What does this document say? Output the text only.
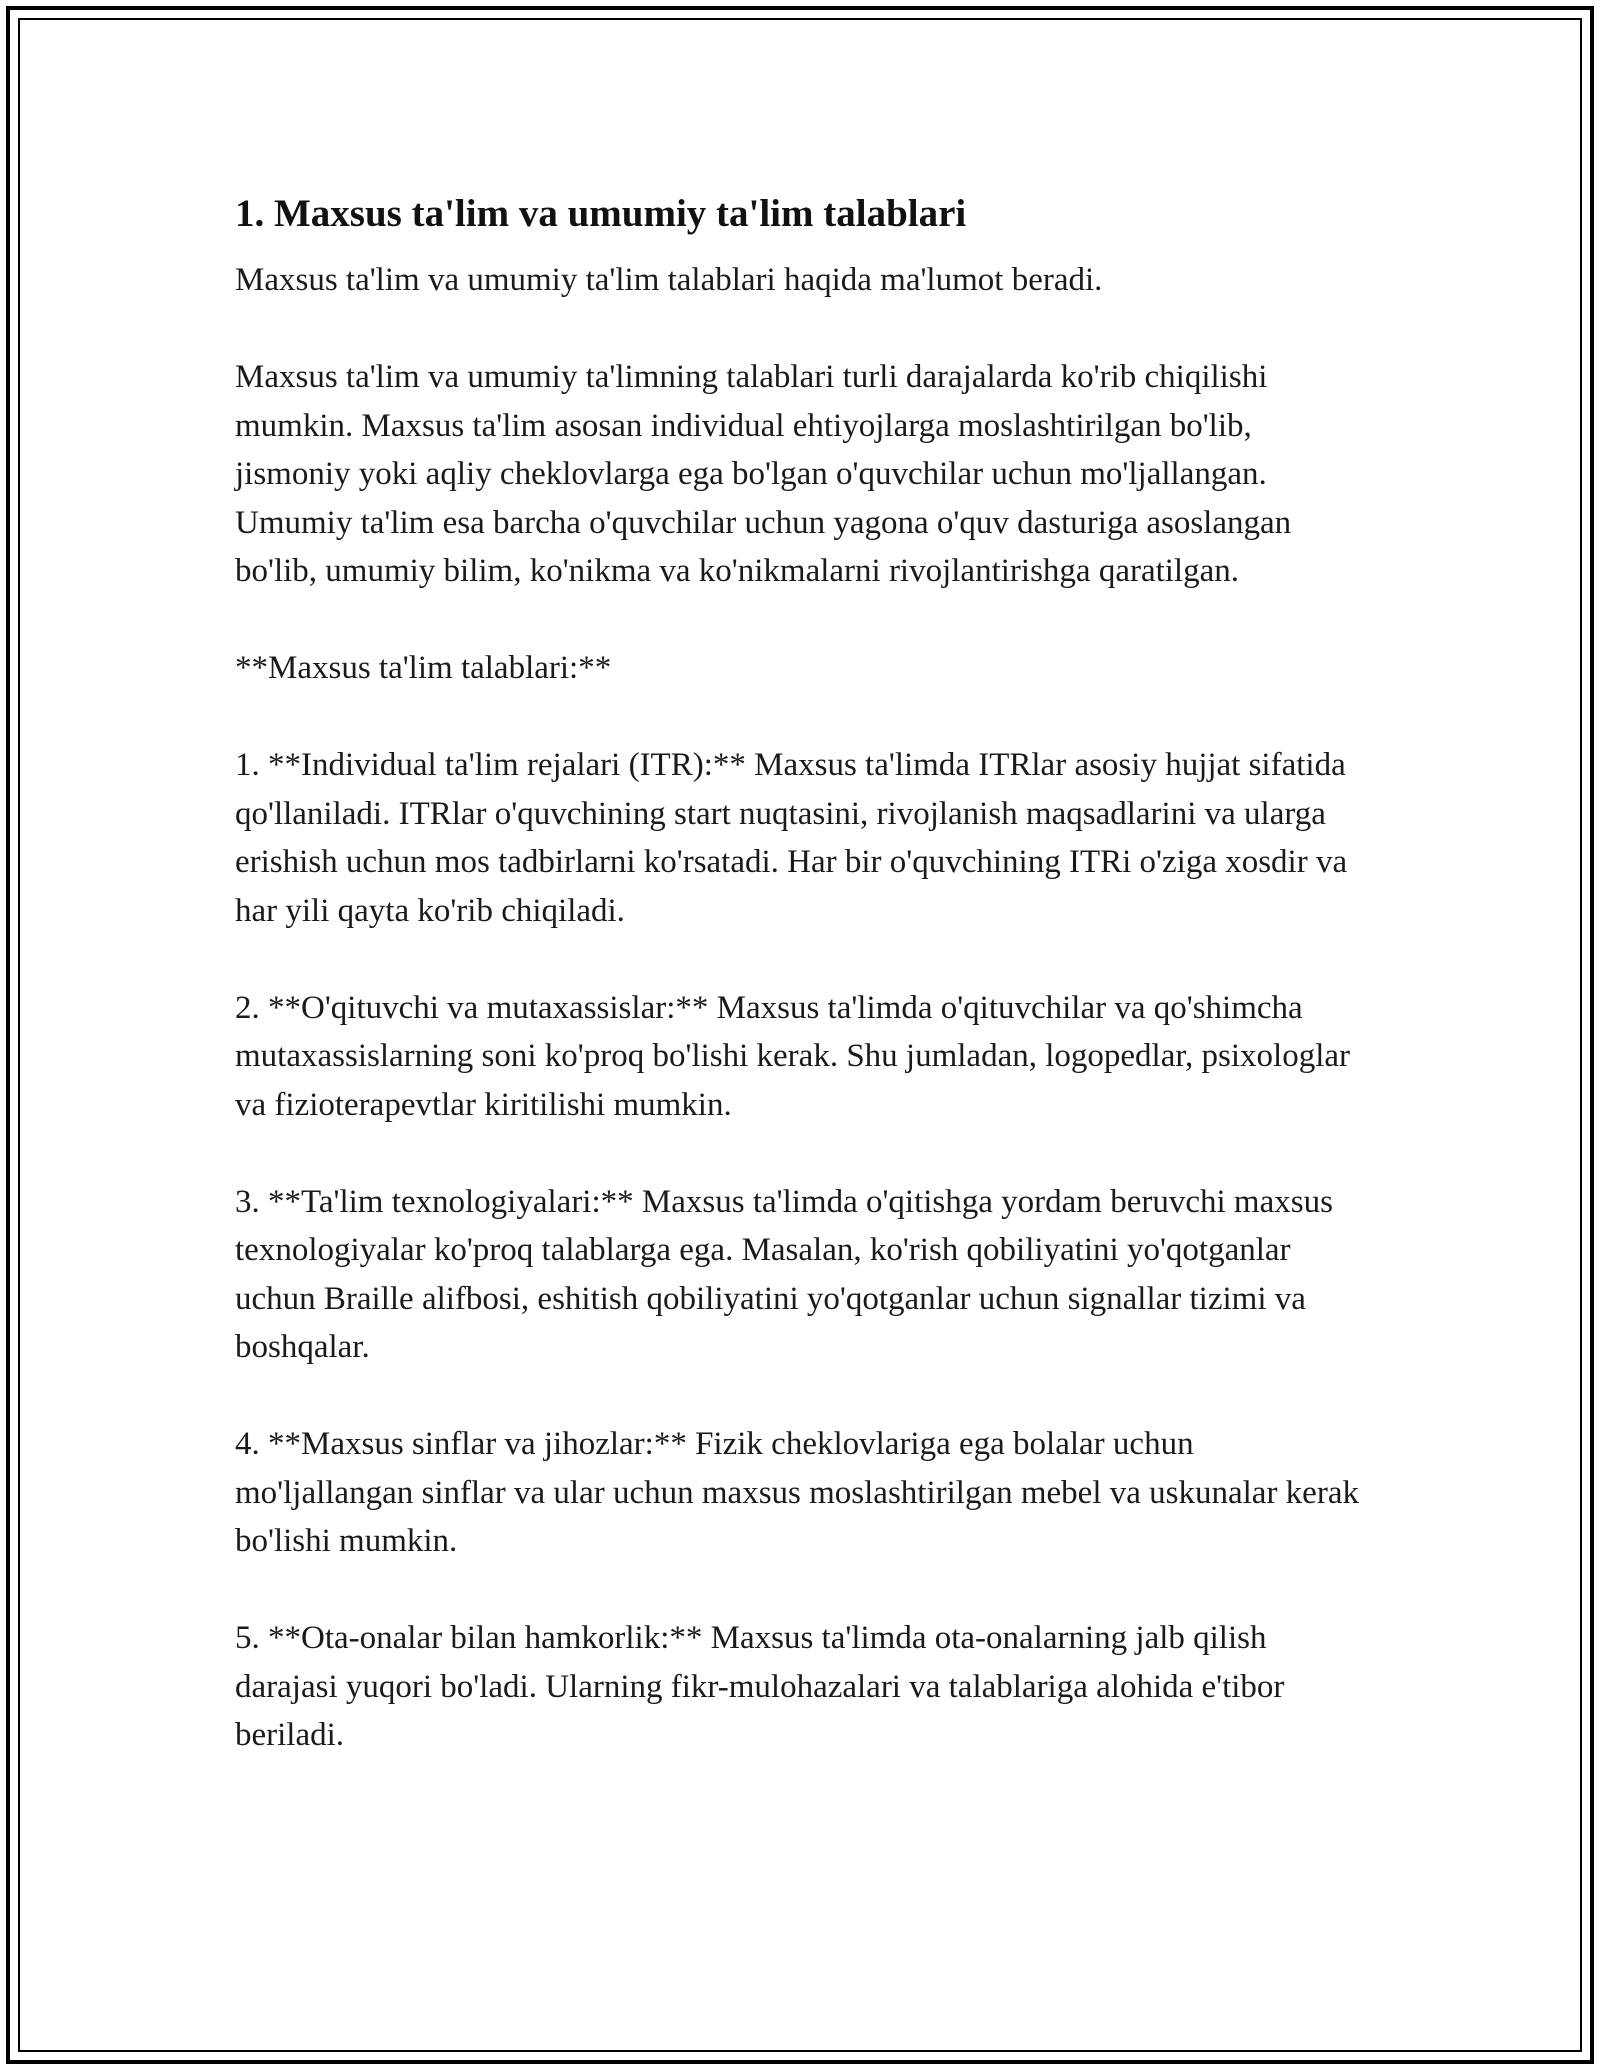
1. Maxsus ta'lim va umumiy ta'lim talablari

Maxsus ta'lim va umumiy ta'lim talablari haqida ma'lumot beradi.

Maxsus ta'lim va umumiy ta'limning talablari turli darajalarda ko'rib chiqilishi mumkin. Maxsus ta'lim asosan individual ehtiyojlarga moslashtirilgan bo'lib, jismoniy yoki aqliy cheklovlarga ega bo'lgan o'quvchilar uchun mo'ljallangan. Umumiy ta'lim esa barcha o'quvchilar uchun yagona o'quv dasturiga asoslangan bo'lib, umumiy bilim, ko'nikma va ko'nikmalarni rivojlantirishga qaratilgan.

**Maxsus ta'lim talablari:**

1. **Individual ta'lim rejalari (ITR):** Maxsus ta'limda ITRlar asosiy hujjat sifatida qo'llaniladi. ITRlar o'quvchining start nuqtasini, rivojlanish maqsadlarini va ularga erishish uchun mos tadbirlarni ko'rsatadi. Har bir o'quvchining ITRi o'ziga xosdir va har yili qayta ko'rib chiqiladi.

2. **O'qituvchi va mutaxassislar:** Maxsus ta'limda o'qituvchilar va qo'shimcha mutaxassislarning soni ko'proq bo'lishi kerak. Shu jumladan, logopedlar, psixologlar va fizioterapevtlar kiritilishi mumkin.

3. **Ta'lim texnologiyalari:** Maxsus ta'limda o'qitishga yordam beruvchi maxsus texnologiyalar ko'proq talablarga ega. Masalan, ko'rish qobiliyatini yo'qotganlar uchun Braille alifbosi, eshitish qobiliyatini yo'qotganlar uchun signallar tizimi va boshqalar.

4. **Maxsus sinflar va jihozlar:** Fizik cheklovlariga ega bolalar uchun mo'ljallangan sinflar va ular uchun maxsus moslashtirilgan mebel va uskunalar kerak bo'lishi mumkin.

5. **Ota-onalar bilan hamkorlik:** Maxsus ta'limda ota-onalarning jalb qilish darajasi yuqori bo'ladi. Ularning fikr-mulohazalari va talablariga alohida e'tibor beriladi.
